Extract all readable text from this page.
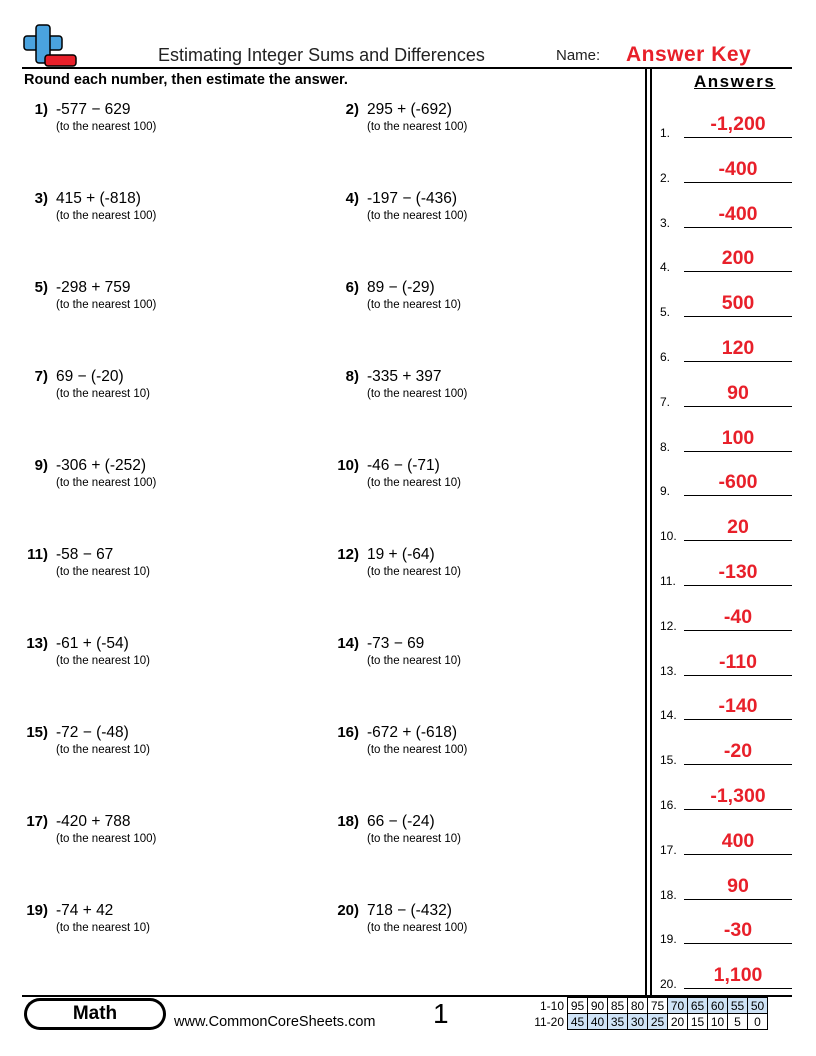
Estimating Integer Sums and Differences	Name: Answer Key
Round each number, then estimate the answer.	Answers
1) -577 − 629
(to the nearest 100)
2) 295 + (-692)
(to the nearest 100)
3) 415 + (-818)
(to the nearest 100)
4) -197 − (-436)
(to the nearest 100)
5) -298 + 759
(to the nearest 100)
6) 89 − (-29)
(to the nearest 10)
7) 69 − (-20)
(to the nearest 10)
8) -335 + 397
(to the nearest 100)
9) -306 + (-252)
(to the nearest 100)
10) -46 − (-71)
(to the nearest 10)
11) -58 − 67
(to the nearest 10)
12) 19 + (-64)
(to the nearest 10)
13) -61 + (-54)
(to the nearest 10)
14) -73 − 69
(to the nearest 10)
15) -72 − (-48)
(to the nearest 10)
16) -672 + (-618)
(to the nearest 100)
17) -420 + 788
(to the nearest 100)
18) 66 − (-24)
(to the nearest 10)
19) -74 + 42
(to the nearest 10)
20) 718 − (-432)
(to the nearest 100)
1.	-1,200
2.	-400
3.	-400
4.	200
5.	500
6.	120
7.	90
8.	100
9.	-600
10.	20
11.	-130
12.	-40
13.	-110
14.	-140
15.	-20
16.	-1,300
17.	400
18.	90
19.	-30
20.	1,100
Math	www.CommonCoreSheets.com 1	1-10	95	90	85	80	75	70	65	60	55	50
11-20	45	40	35	30	25	20	15	10	5	0
